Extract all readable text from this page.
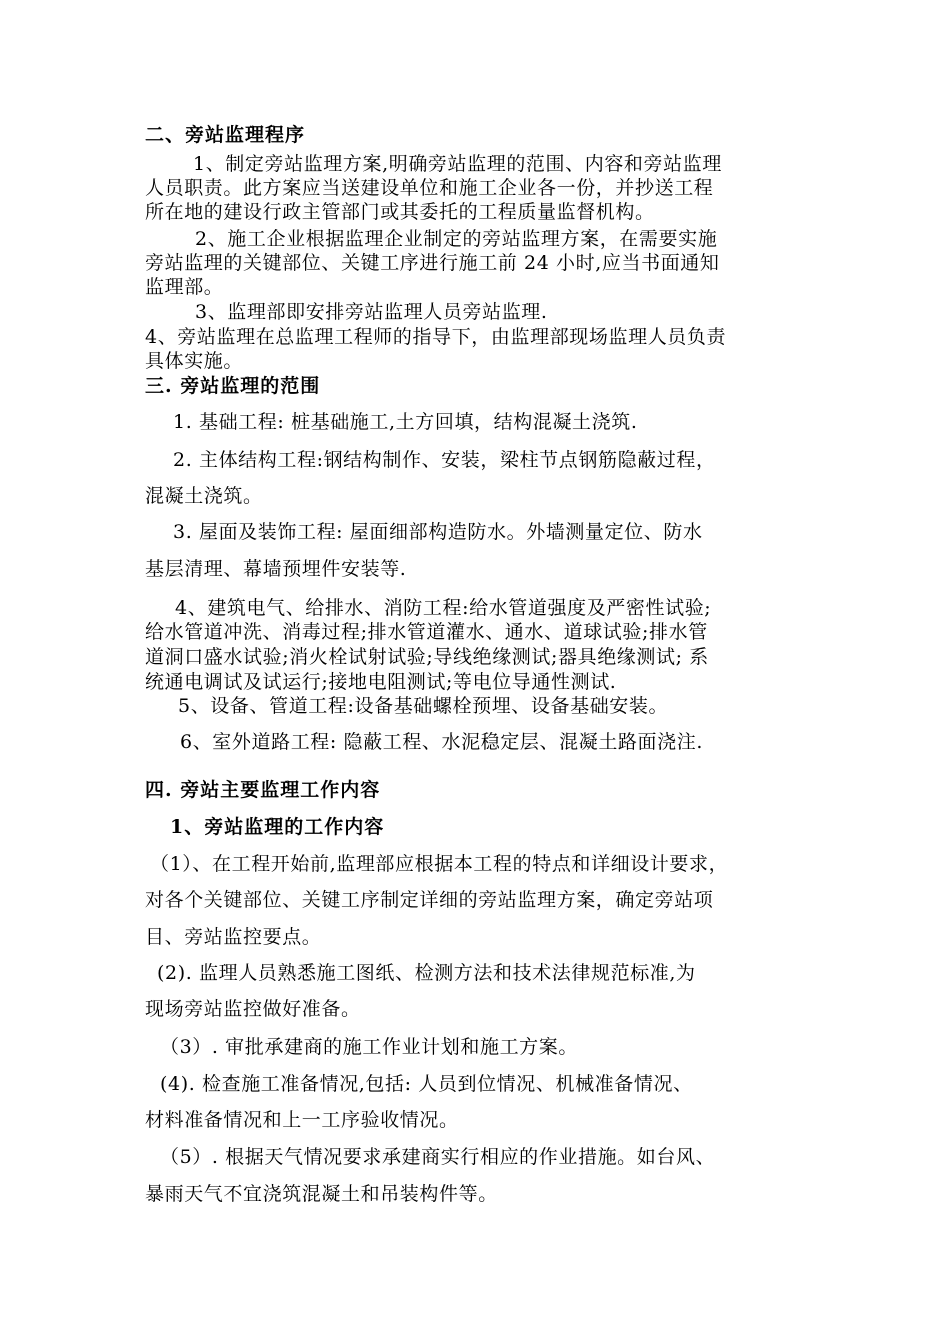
二、旁站监理程序
1、制定旁站监理方案,明确旁站监理的范围、内容和旁站监理
人员职责。此方案应当送建设单位和施工企业各一份，并抄送工程
所在地的建设行政主管部门或其委托的工程质量监督机构。
2、施工企业根据监理企业制定的旁站监理方案，在需要实施
旁站监理的关键部位、关键工序进行施工前 24 小时,应当书面通知
监理部。
3、监理部即安排旁站监理人员旁站监理.
4、旁站监理在总监理工程师的指导下，由监理部现场监理人员负责
具体实施。
三. 旁站监理的范围
1. 基础工程: 桩基础施工,土方回填，结构混凝土浇筑.
2. 主体结构工程:钢结构制作、安装，梁柱节点钢筋隐蔽过程，
混凝土浇筑。
3. 屋面及装饰工程: 屋面细部构造防水。外墙测量定位、防水
基层清理、幕墙预埋件安装等.
4、建筑电气、给排水、消防工程:给水管道强度及严密性试验;
给水管道冲洗、消毒过程;排水管道灌水、通水、道球试验;排水管
道洞口盛水试验;消火栓试射试验;导线绝缘测试;器具绝缘测试; 系
统通电调试及试运行;接地电阻测试;等电位导通性测试.
5、设备、管道工程:设备基础螺栓预埋、设备基础安装。
6、室外道路工程: 隐蔽工程、水泥稳定层、混凝土路面浇注.
四. 旁站主要监理工作内容
1、旁站监理的工作内容
（1）、在工程开始前,监理部应根据本工程的特点和详细设计要求，
对各个关键部位、关键工序制定详细的旁站监理方案，确定旁站项
目、旁站监控要点。
(2). 监理人员熟悉施工图纸、检测方法和技术法律规范标准,为
现场旁站监控做好准备。
（3）. 审批承建商的施工作业计划和施工方案。
(4). 检查施工准备情况,包括: 人员到位情况、机械准备情况、
材料准备情况和上一工序验收情况。
（5）. 根据天气情况要求承建商实行相应的作业措施。如台风、
暴雨天气不宜浇筑混凝土和吊装构件等。
